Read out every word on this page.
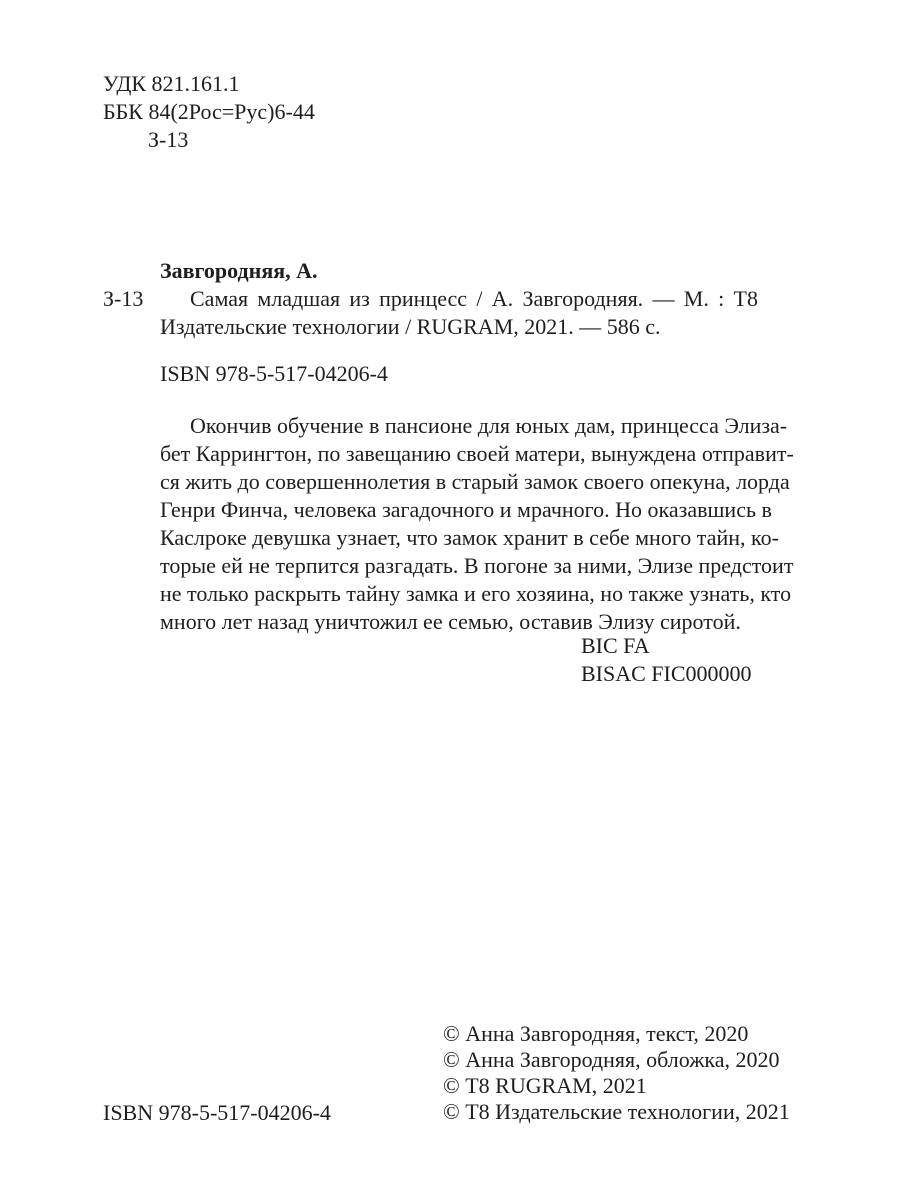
УДК 821.161.1
ББК 84(2Рос=Рус)6-44
З-13
З-13
Завгородняя, А.
Самая младшая из принцесс / А. Завгородняя. — М. : Т8
Издательские технологии / RUGRAM, 2021. — 586 с.
ISBN 978-5-517-04206-4
Окончив обучение в пансионе для юных дам, принцесса Элиза-
бет Каррингтон, по завещанию своей матери, вынуждена отправит-
ся жить до совершеннолетия в старый замок своего опекуна, лорда
Генри Финча, человека загадочного и мрачного. Но оказавшись в
Каслроке девушка узнает, что замок хранит в себе много тайн, ко-
торые ей не терпится разгадать. В погоне за ними, Элизе предстоит
не только раскрыть тайну замка и его хозяина, но также узнать, кто
много лет назад уничтожил ее семью, оставив Элизу сиротой.
BIC FA
BISAC FIC000000
ISBN 978-5-517-04206-4
© Анна Завгородняя, текст, 2020
© Анна Завгородняя, обложка, 2020
© Т8 RUGRAM, 2021
© Т8 Издательские технологии, 2021
